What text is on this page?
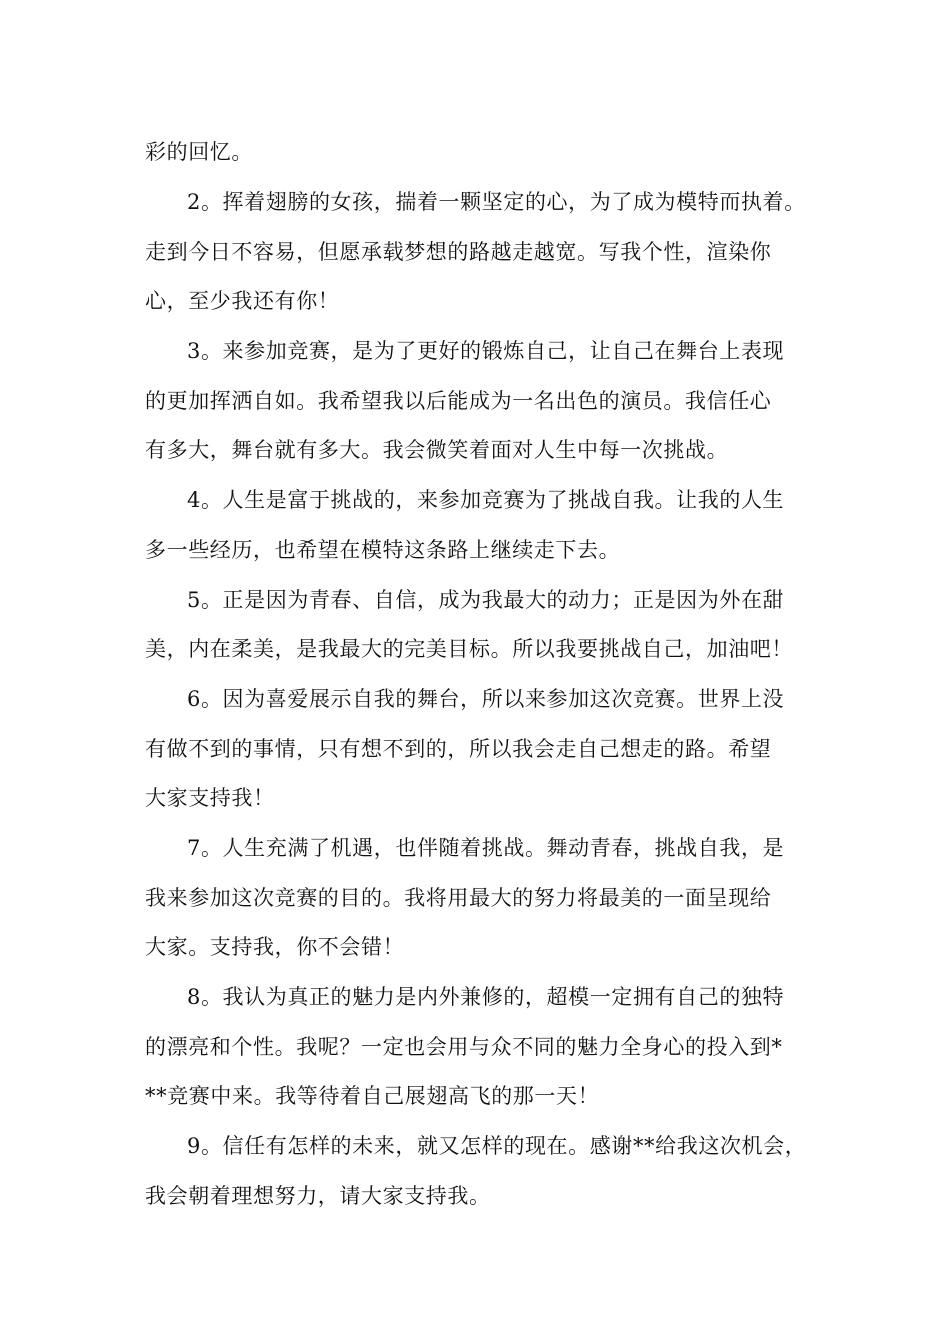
彩的回忆。
2。挥着翅膀的女孩，揣着一颗坚定的心，为了成为模特而执着。
走到今日不容易，但愿承载梦想的路越走越宽。写我个性，渲染你
心，至少我还有你！
3。来参加竞赛，是为了更好的锻炼自己，让自己在舞台上表现
的更加挥洒自如。我希望我以后能成为一名出色的演员。我信任心
有多大，舞台就有多大。我会微笑着面对人生中每一次挑战。
4。人生是富于挑战的，来参加竞赛为了挑战自我。让我的人生
多一些经历，也希望在模特这条路上继续走下去。
5。正是因为青春、自信，成为我最大的动力；正是因为外在甜
美，内在柔美，是我最大的完美目标。所以我要挑战自己，加油吧！
6。因为喜爱展示自我的舞台，所以来参加这次竞赛。世界上没
有做不到的事情，只有想不到的，所以我会走自己想走的路。希望
大家支持我！
7。人生充满了机遇，也伴随着挑战。舞动青春，挑战自我，是
我来参加这次竞赛的目的。我将用最大的努力将最美的一面呈现给
大家。支持我，你不会错！
8。我认为真正的魅力是内外兼修的，超模一定拥有自己的独特
的漂亮和个性。我呢？一定也会用与众不同的魅力全身心的投入到*
**竞赛中来。我等待着自己展翅高飞的那一天！
9。信任有怎样的未来，就又怎样的现在。感谢**给我这次机会，
我会朝着理想努力，请大家支持我。
